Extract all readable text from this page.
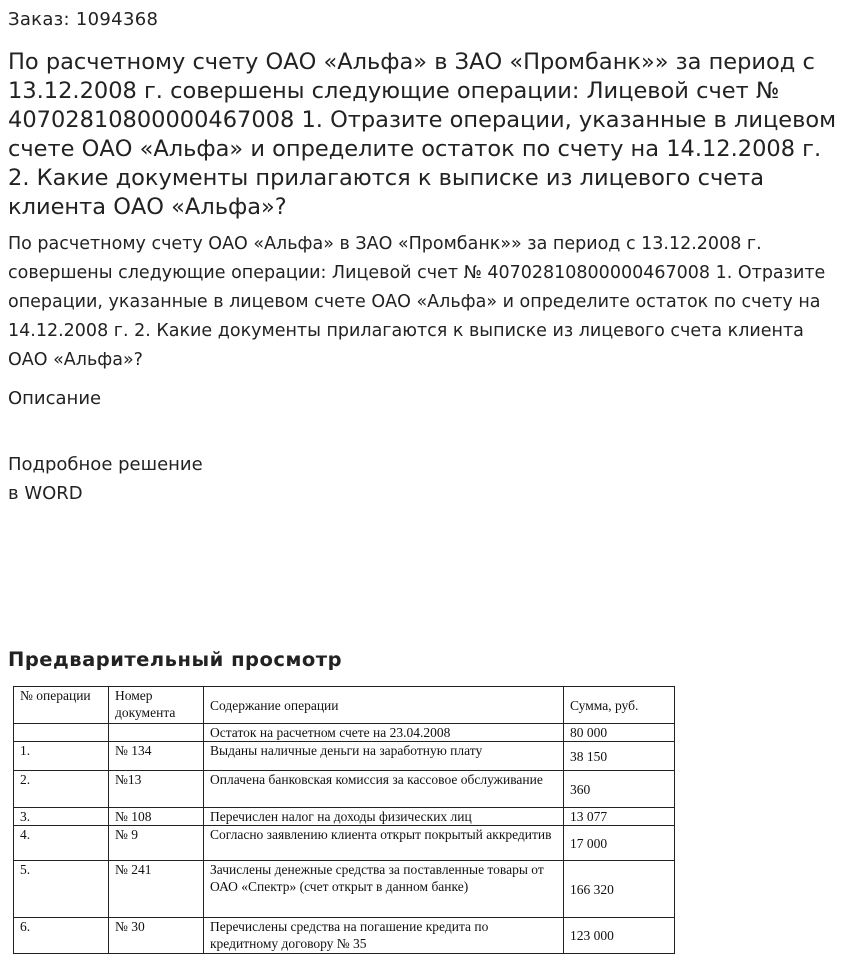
Заказ: 1094368
По расчетному счету ОАО «Альфа» в ЗАО «Промбанк»» за период с 13.12.2008 г. совершены следующие операции: Лицевой счет № 40702810800000467008 1. Отразите операции, указанные в лицевом счете ОАО «Альфа» и определите остаток по счету на 14.12.2008 г. 2. Какие документы прилагаются к выписке из лицевого счета клиента ОАО «Альфа»?
По расчетному счету ОАО «Альфа» в ЗАО «Промбанк»» за период с 13.12.2008 г. совершены следующие операции: Лицевой счет № 40702810800000467008 1. Отразите операции, указанные в лицевом счете ОАО «Альфа» и определите остаток по счету на 14.12.2008 г. 2. Какие документы прилагаются к выписке из лицевого счета клиента ОАО «Альфа»?
Описание
Подробное решение
в WORD
Предварительный просмотр
№ операции	Номер документа	Содержание операции	Сумма, руб.
		Остаток на расчетном счете на 23.04.2008	80 000
1.	№ 134	Выданы наличные деньги на заработную плату	38 150
2.	№13	Оплачена банковская комиссия за кассовое обслуживание	360
3.	№ 108	Перечислен налог на доходы физических лиц	13 077
4.	№ 9	Согласно заявлению клиента открыт покрытый аккредитив	17 000
5.	№ 241	Зачислены денежные средства за поставленные товары от ОАО «Спектр» (счет открыт в данном банке)	166 320
6.	№ 30	Перечислены средства на погашение кредита по кредитному договору № 35	123 000
